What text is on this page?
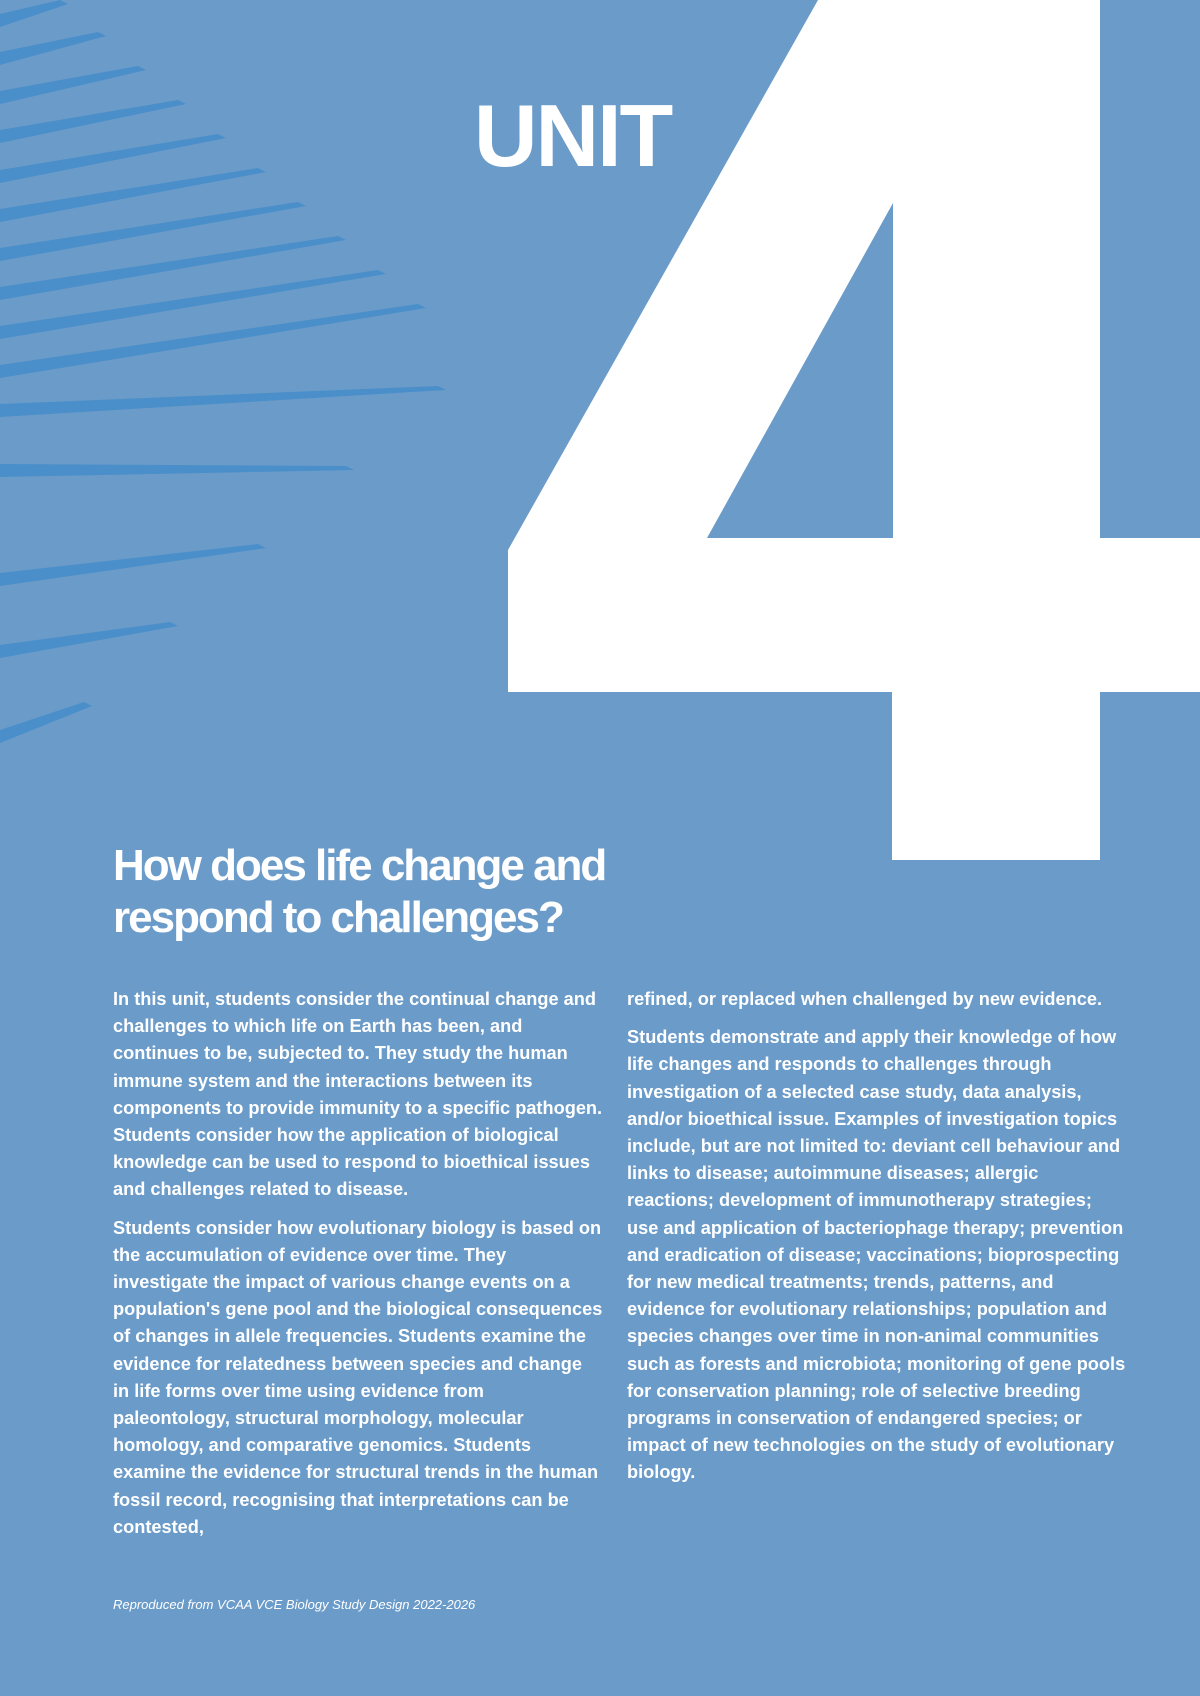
UNIT
How does life change and
respond to challenges?

In this unit, students consider the continual change and challenges to which life on Earth has been, and continues to be, subjected to. They study the human immune system and the interactions between its components to provide immunity to a specific pathogen. Students consider how the application of biological knowledge can be used to respond to bioethical issues and challenges related to disease.

Students consider how evolutionary biology is based on the accumulation of evidence over time. They investigate the impact of various change events on a population's gene pool and the biological consequences of changes in allele frequencies. Students examine the evidence for relatedness between species and change in life forms over time using evidence from paleontology, structural morphology, molecular homology, and comparative genomics. Students examine the evidence for structural trends in the human fossil record, recognising that interpretations can be contested,

refined, or replaced when challenged by new evidence.

Students demonstrate and apply their knowledge of how life changes and responds to challenges through investigation of a selected case study, data analysis, and/or bioethical issue. Examples of investigation topics include, but are not limited to: deviant cell behaviour and links to disease; autoimmune diseases; allergic reactions; development of immunotherapy strategies; use and application of bacteriophage therapy; prevention and eradication of disease; vaccinations; bioprospecting for new medical treatments; trends, patterns, and evidence for evolutionary relationships; population and species changes over time in non-animal communities such as forests and microbiota; monitoring of gene pools for conservation planning; role of selective breeding programs in conservation of endangered species; or impact of new technologies on the study of evolutionary biology.

Reproduced from VCAA VCE Biology Study Design 2022-2026
